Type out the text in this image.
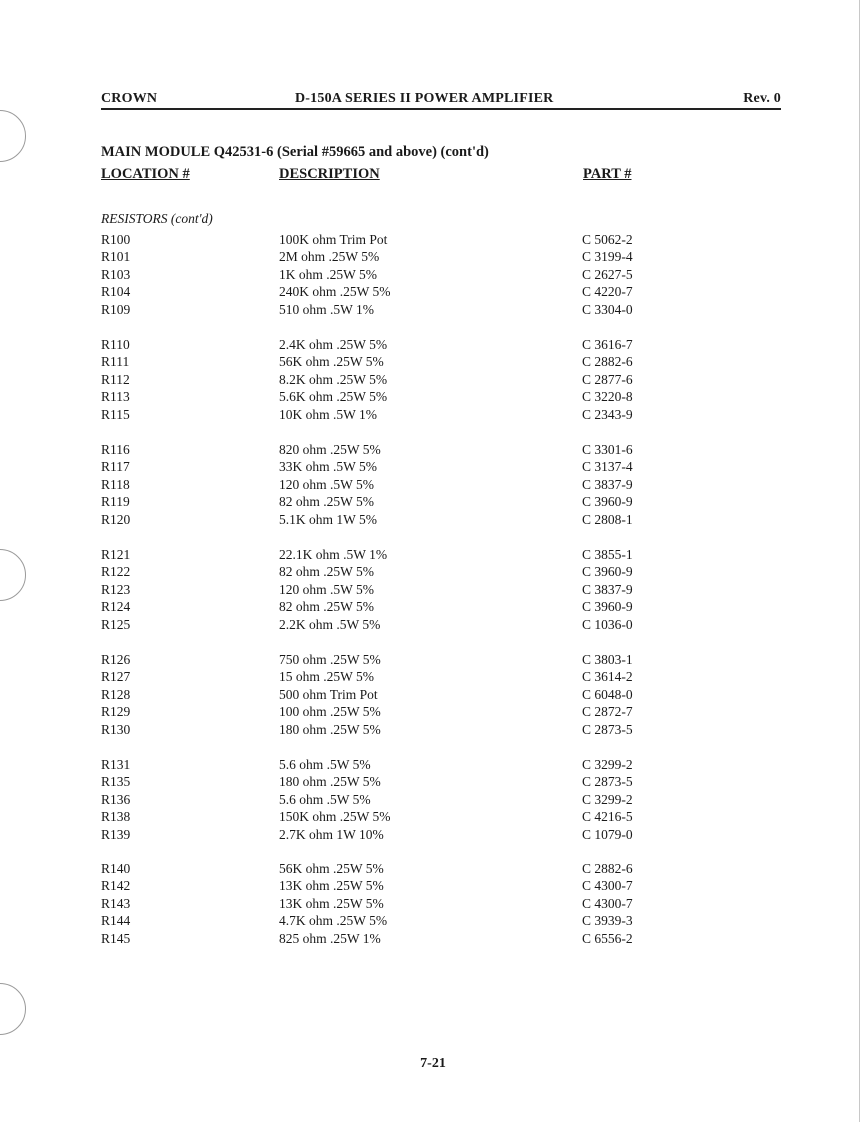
CROWN	D-150A SERIES II POWER AMPLIFIER	Rev. 0
MAIN MODULE Q42531-6 (Serial #59665 and above) (cont'd)
LOCATION #	DESCRIPTION	PART #
RESISTORS (cont'd)
R100	100K ohm Trim Pot	C 5062-2
R101	2M ohm .25W 5%	C 3199-4
R103	1K ohm .25W 5%	C 2627-5
R104	240K ohm .25W 5%	C 4220-7
R109	510 ohm .5W 1%	C 3304-0
R110	2.4K ohm .25W 5%	C 3616-7
R111	56K ohm .25W 5%	C 2882-6
R112	8.2K ohm .25W 5%	C 2877-6
R113	5.6K ohm .25W 5%	C 3220-8
R115	10K ohm .5W 1%	C 2343-9
R116	820 ohm .25W 5%	C 3301-6
R117	33K ohm .5W 5%	C 3137-4
R118	120 ohm .5W 5%	C 3837-9
R119	82 ohm .25W 5%	C 3960-9
R120	5.1K ohm 1W 5%	C 2808-1
R121	22.1K ohm .5W 1%	C 3855-1
R122	82 ohm .25W 5%	C 3960-9
R123	120 ohm .5W 5%	C 3837-9
R124	82 ohm .25W 5%	C 3960-9
R125	2.2K ohm .5W 5%	C 1036-0
R126	750 ohm .25W 5%	C 3803-1
R127	15 ohm .25W 5%	C 3614-2
R128	500 ohm Trim Pot	C 6048-0
R129	100 ohm .25W 5%	C 2872-7
R130	180 ohm .25W 5%	C 2873-5
R131	5.6 ohm .5W 5%	C 3299-2
R135	180 ohm .25W 5%	C 2873-5
R136	5.6 ohm .5W 5%	C 3299-2
R138	150K ohm .25W 5%	C 4216-5
R139	2.7K ohm 1W 10%	C 1079-0
R140	56K ohm .25W 5%	C 2882-6
R142	13K ohm .25W 5%	C 4300-7
R143	13K ohm .25W 5%	C 4300-7
R144	4.7K ohm .25W 5%	C 3939-3
R145	825 ohm .25W 1%	C 6556-2
7-21
